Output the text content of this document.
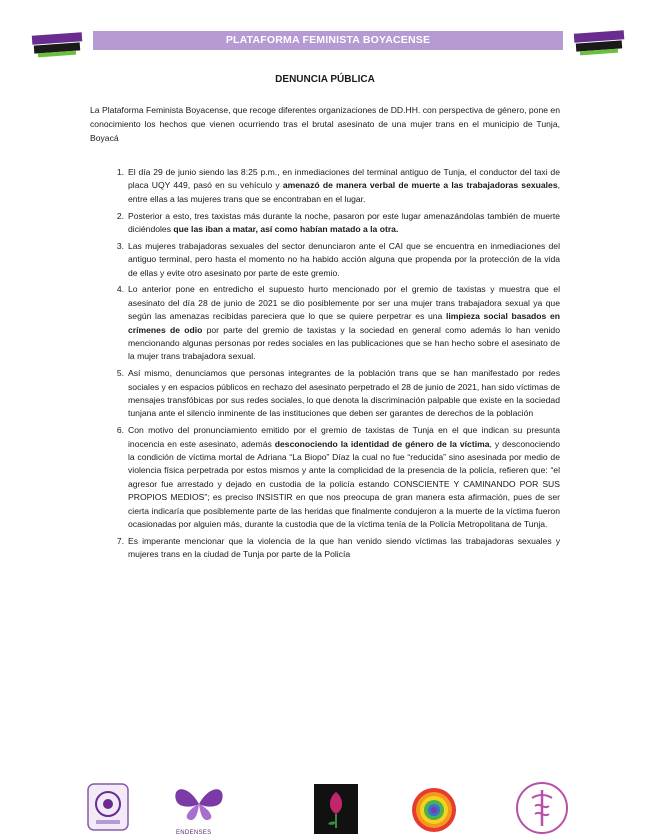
PLATAFORMA FEMINISTA BOYACENSE
DENUNCIA PÚBLICA

La Plataforma Feminista Boyacense, que recoge diferentes organizaciones de DD.HH. con perspectiva de género, pone en conocimiento los hechos que vienen ocurriendo tras el brutal asesinato de una mujer trans en el municipio de Tunja, Boyacá

1. El día 29 de junio siendo las 8:25 p.m., en inmediaciones del terminal antiguo de Tunja, el conductor del taxi de placa UQY 449, pasó en su vehículo y amenazó de manera verbal de muerte a las trabajadoras sexuales, entre ellas a las mujeres trans que se encontraban en el lugar.
2. Posterior a esto, tres taxistas más durante la noche, pasaron por este lugar amenazándolas también de muerte diciéndoles que las iban a matar, así como habían matado a la otra.
3. Las mujeres trabajadoras sexuales del sector denunciaron ante el CAI que se encuentra en inmediaciones del antiguo terminal, pero hasta el momento no ha habido acción alguna que propenda por la protección de la vida de ellas y evite otro asesinato por parte de este gremio.
4. Lo anterior pone en entredicho el supuesto hurto mencionado por el gremio de taxistas y muestra que el asesinato del día 28 de junio de 2021 se dio posiblemente por ser una mujer trans trabajadora sexual ya que según las amenazas recibidas pareciera que lo que se quiere perpetrar es una limpieza social basados en crímenes de odio por parte del gremio de taxistas y la sociedad en general como además lo han venido mencionando algunas personas por redes sociales en las publicaciones que se han hecho sobre el asesinato de la mujer trans trabajadora sexual.
5. Así mismo, denunciamos que personas integrantes de la población trans que se han manifestado por redes sociales y en espacios públicos en rechazo del asesinato perpetrado el 28 de junio de 2021, han sido víctimas de mensajes transfóbicas por sus redes sociales, lo que denota la discriminación palpable que existe en la sociedad tunjana ante el silencio inminente de las instituciones que deben ser garantes de derechos de la población
6. Con motivo del pronunciamiento emitido por el gremio de taxistas de Tunja en el que indican su presunta inocencia en este asesinato, además desconociendo la identidad de género de la víctima, y desconociendo la condición de víctima mortal de Adriana “La Biopo” Díaz la cual no fue “reducida” sino asesinada por medio de violencia física perpetrada por estos mismos y ante la complicidad de la presencia de la policía, refieren que: “el agresor fue arrestado y dejado en custodia de la policía estando CONSCIENTE Y CAMINANDO POR SUS PROPIOS MEDIOS”; es preciso INSISTIR en que nos preocupa de gran manera esta afirmación, pues de ser cierta indicaría que posiblemente parte de las heridas que finalmente condujeron a la muerte de la víctima fueron ocasionadas por alguien más, durante la custodia que de la víctima tenía de la Policía Metropolitana de Tunja.
7. Es imperante mencionar que la violencia de la que han venido siendo víctimas las trabajadoras sexuales y mujeres trans en la ciudad de Tunja por parte de la Policía
ENDENSES
